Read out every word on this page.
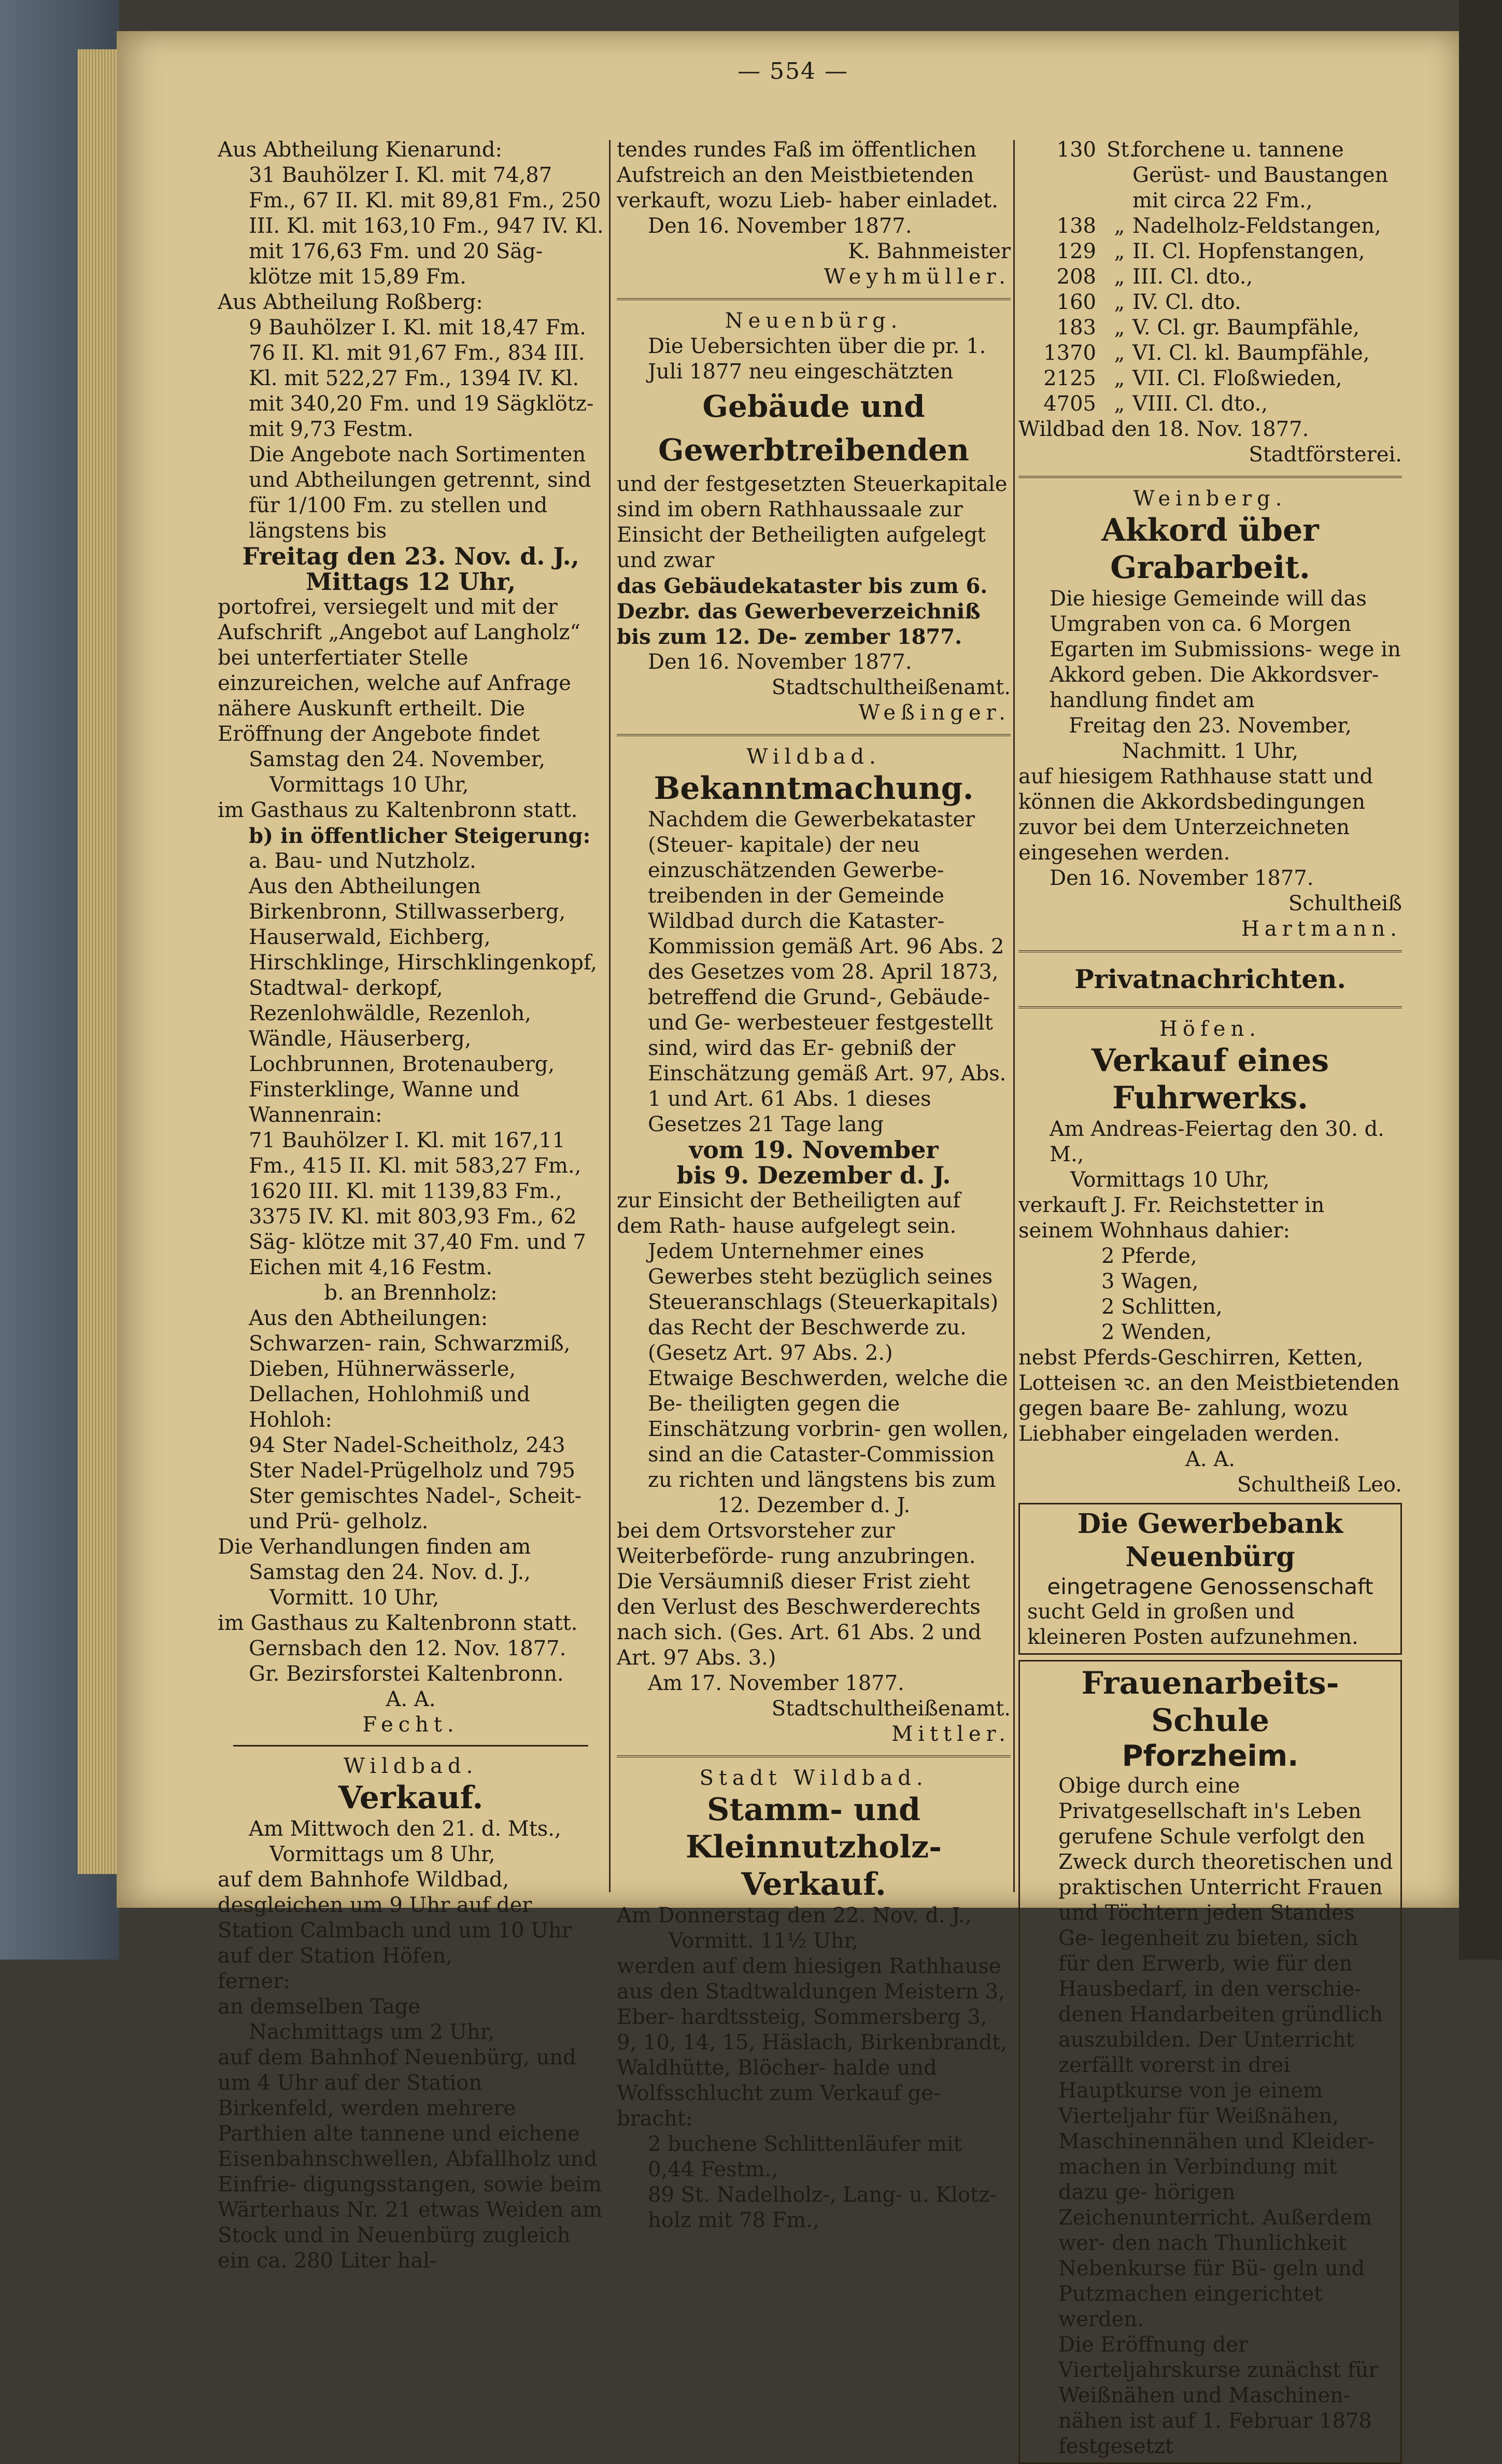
— 554 —

Aus Abtheilung Kienarund:

31 Bauhölzer I. Kl. mit 74,87 Fm., 67 II. Kl. mit 89,81 Fm., 250 III. Kl. mit 163,10 Fm., 947 IV. Kl. mit 176,63 Fm. und 20 Säg- klötze mit 15,89 Fm.

Aus Abtheilung Roßberg:

9 Bauhölzer I. Kl. mit 18,47 Fm. 76 II. Kl. mit 91,67 Fm., 834 III. Kl. mit 522,27 Fm., 1394 IV. Kl. mit 340,20 Fm. und 19 Sägklötz- mit 9,73 Festm.

Die Angebote nach Sortimenten und Abtheilungen getrennt, sind für 1/100 Fm. zu stellen und längstens bis

Freitag den 23. Nov. d. J.,

Mittags 12 Uhr,

portofrei, versiegelt und mit der Aufschrift „Angebot auf Langholz“ bei unterfertiater Stelle einzureichen, welche auf Anfrage nähere Auskunft ertheilt. Die Eröffnung der Angebote findet

Samstag den 24. November,

Vormittags 10 Uhr,

im Gasthaus zu Kaltenbronn statt.

b) in öffentlicher Steigerung:

a. Bau- und Nutzholz.

Aus den Abtheilungen Birkenbronn, Stillwasserberg, Hauserwald, Eichberg, Hirschklinge, Hirschklingenkopf, Stadtwal- derkopf, Rezenlohwäldle, Rezenloh, Wändle, Häuserberg, Lochbrunnen, Brotenauberg, Finsterklinge, Wanne und Wannenrain:

71 Bauhölzer I. Kl. mit 167,11 Fm., 415 II. Kl. mit 583,27 Fm., 1620 III. Kl. mit 1139,83 Fm., 3375 IV. Kl. mit 803,93 Fm., 62 Säg- klötze mit 37,40 Fm. und 7 Eichen mit 4,16 Festm.

b. an Brennholz:

Aus den Abtheilungen: Schwarzen- rain, Schwarzmiß, Dieben, Hühnerwässerle, Dellachen, Hohlohmiß und Hohloh:

94 Ster Nadel-Scheitholz, 243 Ster Nadel-Prügelholz und 795 Ster gemischtes Nadel-, Scheit- und Prü- gelholz.

Die Verhandlungen finden am

Samstag den 24. Nov. d. J.,

Vormitt. 10 Uhr,

im Gasthaus zu Kaltenbronn statt.

Gernsbach den 12. Nov. 1877.

Gr. Bezirsforstei Kaltenbronn.

A. A.

Fecht.

Wildbad.

Verkauf.

Am Mittwoch den 21. d. Mts.,

Vormittags um 8 Uhr,

auf dem Bahnhofe Wildbad, desgleichen um 9 Uhr auf der Station Calmbach und um 10 Uhr auf der Station Höfen,

ferner:

an demselben Tage

Nachmittags um 2 Uhr,

auf dem Bahnhof Neuenbürg, und um 4 Uhr auf der Station Birkenfeld, werden mehrere Parthien alte tannene und eichene Eisenbahnschwellen, Abfallholz und Einfrie- digungsstangen, sowie beim Wärterhaus Nr. 21 etwas Weiden am Stock und in Neuenbürg zugleich ein ca. 280 Liter hal-

tendes rundes Faß im öffentlichen Aufstreich an den Meistbietenden verkauft, wozu Lieb- haber einladet.

Den 16. November 1877.

K. Bahnmeister

Weyhmüller.

Neuenbürg.

Die Uebersichten über die pr. 1. Juli 1877 neu eingeschätzten

Gebäude und Gewerbtreibenden

und der festgesetzten Steuerkapitale sind im obern Rathhaussaale zur Einsicht der Betheiligten aufgelegt und zwar

das Gebäudekataster bis zum 6. Dezbr. das Gewerbeverzeichniß bis zum 12. De- zember 1877.

Den 16. November 1877.

Stadtschultheißenamt.

Weßinger.

Wildbad.

Bekanntmachung.

Nachdem die Gewerbekataster (Steuer- kapitale) der neu einzuschätzenden Gewerbe- treibenden in der Gemeinde Wildbad durch die Kataster-Kommission gemäß Art. 96 Abs. 2 des Gesetzes vom 28. April 1873, betreffend die Grund-, Gebäude- und Ge- werbesteuer festgestellt sind, wird das Er- gebniß der Einschätzung gemäß Art. 97, Abs. 1 und Art. 61 Abs. 1 dieses Gesetzes 21 Tage lang

vom 19. November

bis 9. Dezember d. J.

zur Einsicht der Betheiligten auf dem Rath- hause aufgelegt sein.

Jedem Unternehmer eines Gewerbes steht bezüglich seines Steueranschlags (Steuerkapitals) das Recht der Beschwerde zu. (Gesetz Art. 97 Abs. 2.)

Etwaige Beschwerden, welche die Be- theiligten gegen die Einschätzung vorbrin- gen wollen, sind an die Cataster-Commission zu richten und längstens bis zum

12. Dezember d. J.

bei dem Ortsvorsteher zur Weiterbeförde- rung anzubringen. Die Versäumniß dieser Frist zieht den Verlust des Beschwerderechts nach sich. (Ges. Art. 61 Abs. 2 und Art. 97 Abs. 3.)

Am 17. November 1877.

Stadtschultheißenamt.

Mittler.

Stadt Wildbad.

Stamm- und Kleinnutzholz-

Verkauf.

Am Donnerstag den 22. Nov. d. J.,

Vormitt. 11½ Uhr,

werden auf dem hiesigen Rathhause aus den Stadtwaldungen Meistern 3, Eber- hardtssteig, Sommersberg 3, 9, 10, 14, 15, Häslach, Birkenbrandt, Waldhütte, Blöcher- halde und Wolfsschlucht zum Verkauf ge- bracht:

2 buchene Schlittenläufer mit 0,44 Festm.,

89 St. Nadelholz-, Lang- u. Klotz- holz mit 78 Fm.,

130 St.
forchene u. tannene Gerüst- und Baustangen mit circa 22 Fm.,
138 „ Nadelholz-Feldstangen,
129 „ II. Cl. Hopfenstangen,
208 „ III. Cl. dto.,
160 „ IV. Cl. dto.
183 „ V. Cl. gr. Baumpfähle,
1370 „ VI. Cl. kl. Baumpfähle,
2125 „ VII. Cl. Floßwieden,
4705 „ VIII. Cl. dto.,

Wildbad den 18. Nov. 1877.

Stadtförsterei.

Weinberg.

Akkord über Grabarbeit.

Die hiesige Gemeinde will das Umgraben von ca. 6 Morgen Egarten im Submissions- wege in Akkord geben. Die Akkordsver- handlung findet am

Freitag den 23. November,

Nachmitt. 1 Uhr,

auf hiesigem Rathhause statt und können die Akkordsbedingungen zuvor bei dem Unterzeichneten eingesehen werden.

Den 16. November 1877.

Schultheiß

Hartmann.

Privatnachrichten.

Höfen.

Verkauf eines Fuhrwerks.

Am Andreas-Feiertag den 30. d. M.,

Vormittags 10 Uhr,

verkauft J. Fr. Reichstetter in seinem Wohnhaus dahier:

2 Pferde,

3 Wagen,

2 Schlitten,

2 Wenden,

nebst Pferds-Geschirren, Ketten, Lotteisen ꝛc. an den Meistbietenden gegen baare Be- zahlung, wozu Liebhaber eingeladen werden.

A. A.

Schultheiß Leo.

Die Gewerbebank Neuenbürg

eingetragene Genossenschaft

sucht Geld in großen und kleineren Posten aufzunehmen.

Frauenarbeits-Schule

Pforzheim.

Obige durch eine Privatgesellschaft in's Leben gerufene Schule verfolgt den Zweck durch theoretischen und praktischen Unterricht Frauen und Töchtern jeden Standes Ge- legenheit zu bieten, sich für den Erwerb, wie für den Hausbedarf, in den verschie- denen Handarbeiten gründlich auszubilden. Der Unterricht zerfällt vorerst in drei Hauptkurse von je einem Vierteljahr für Weißnähen, Maschinennähen und Kleider- machen in Verbindung mit dazu ge- hörigen Zeichenunterricht. Außerdem wer- den nach Thunlichkeit Nebenkurse für Bü- geln und Putzmachen eingerichtet werden.

Die Eröffnung der Vierteljahrskurse zunächst für Weißnähen und Maschinen- nähen ist auf 1. Februar 1878 festgesetzt
